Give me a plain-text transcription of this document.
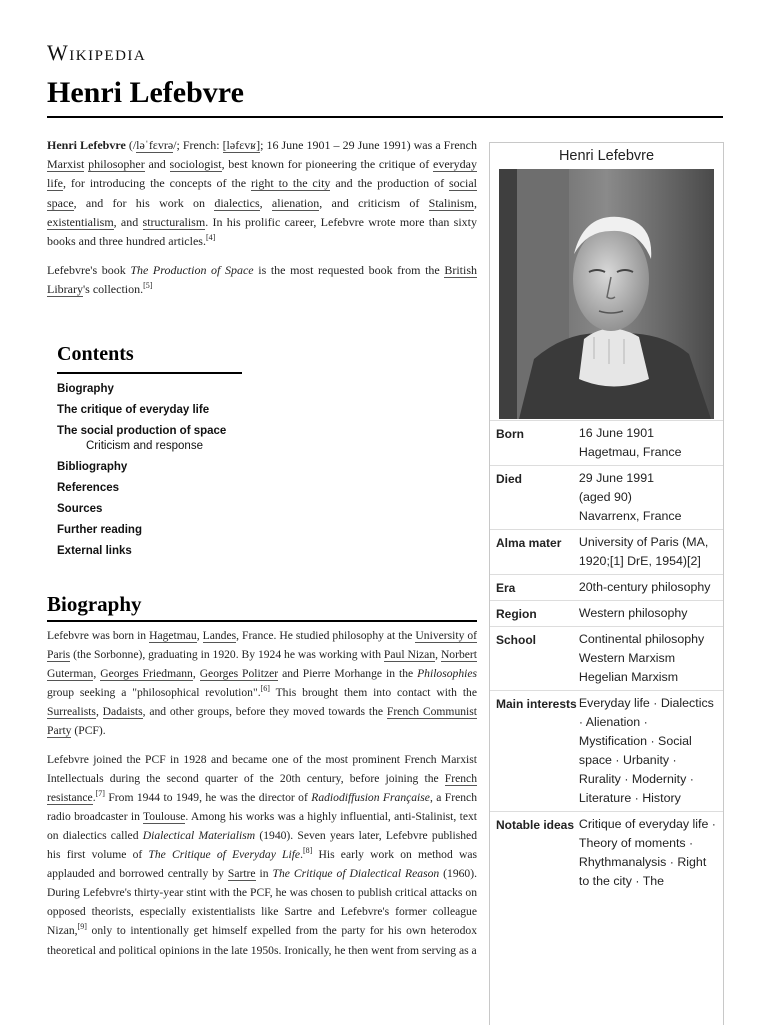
Wikipedia
Henri Lefebvre

Henri Lefebvre (/ləˈfɛvrə/; French: [ləfɛvʁ]; 16 June 1901 – 29 June 1991) was a French Marxist philosopher and sociologist, best known for pioneering the critique of everyday life, for introducing the concepts of the right to the city and the production of social space, and for his work on dialectics, alienation, and criticism of Stalinism, existentialism, and structuralism. In his prolific career, Lefebvre wrote more than sixty books and three hundred articles.[4]

Lefebvre's book The Production of Space is the most requested book from the British Library's collection.[5]

Contents
Biography
The critique of everyday life
The social production of space
Criticism and response
Bibliography
References
Sources
Further reading
External links
Biography

Lefebvre was born in Hagetmau, Landes, France. He studied philosophy at the University of Paris (the Sorbonne), graduating in 1920. By 1924 he was working with Paul Nizan, Norbert Guterman, Georges Friedmann, Georges Politzer and Pierre Morhange in the Philosophies group seeking a "philosophical revolution".[6] This brought them into contact with the Surrealists, Dadaists, and other groups, before they moved towards the French Communist Party (PCF).

Lefebvre joined the PCF in 1928 and became one of the most prominent French Marxist Intellectuals during the second quarter of the 20th century, before joining the French resistance.[7] From 1944 to 1949, he was the director of Radiodiffusion Française, a French radio broadcaster in Toulouse. Among his works was a highly influential, anti-Stalinist, text on dialectics called Dialectical Materialism (1940). Seven years later, Lefebvre published his first volume of The Critique of Everyday Life.[8] His early work on method was applauded and borrowed centrally by Sartre in The Critique of Dialectical Reason (1960). During Lefebvre's thirty-year stint with the PCF, he was chosen to publish critical attacks on opposed theorists, especially existentialists like Sartre and Lefebvre's former colleague Nizan,[9] only to intentionally get himself expelled from the party for his own heterodox theoretical and political opinions in the late 1950s. Ironically, he then went from serving as a

Henri Lefebvre
Born	16 June 1901
Hagetmau, France
Died	29 June 1991
(aged 90)
Navarrenx, France
Alma mater	University of Paris (MA, 1920;[1] DrE, 1954)[2]
Era	20th-century philosophy
Region	Western philosophy
School	Continental philosophy
Western Marxism
Hegelian Marxism
Main interests Everyday life · Dialectics · Alienation · Mystification · Social space · Urbanity · Rurality · Modernity · Literature · History
Notable ideas Critique of everyday life · Theory of moments · Rhythmanalysis · Right to the city · The
